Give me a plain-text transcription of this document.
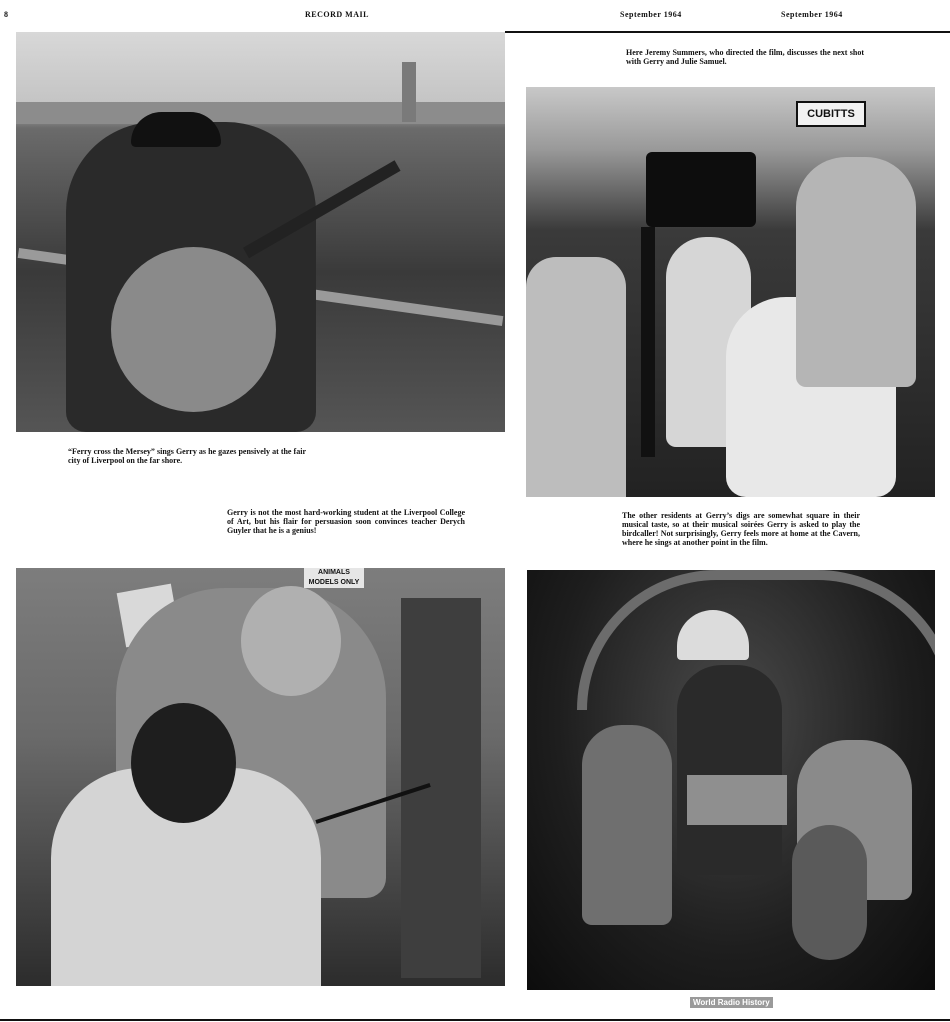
8	RECORD MAIL	September 1964	September 1964
“Ferry cross the Mersey” sings Gerry as he gazes pensively at the fair city of Liverpool on the far shore.
Gerry is not the most hard-working student at the Liverpool College of Art, but his flair for persuasion soon convinces teacher Derych Guyler that he is a genius!
Here Jeremy Summers, who directed the film, discusses the next shot with Gerry and Julie Samuel.
CUBITTS
The other residents at Gerry’s digs are somewhat square in their musical taste, so at their musical soirées Gerry is asked to play the birdcaller! Not surprisingly, Gerry feels more at home at the Cavern, where he sings at another point in the film.
ANIMALS MODELS ONLY
World Radio History
